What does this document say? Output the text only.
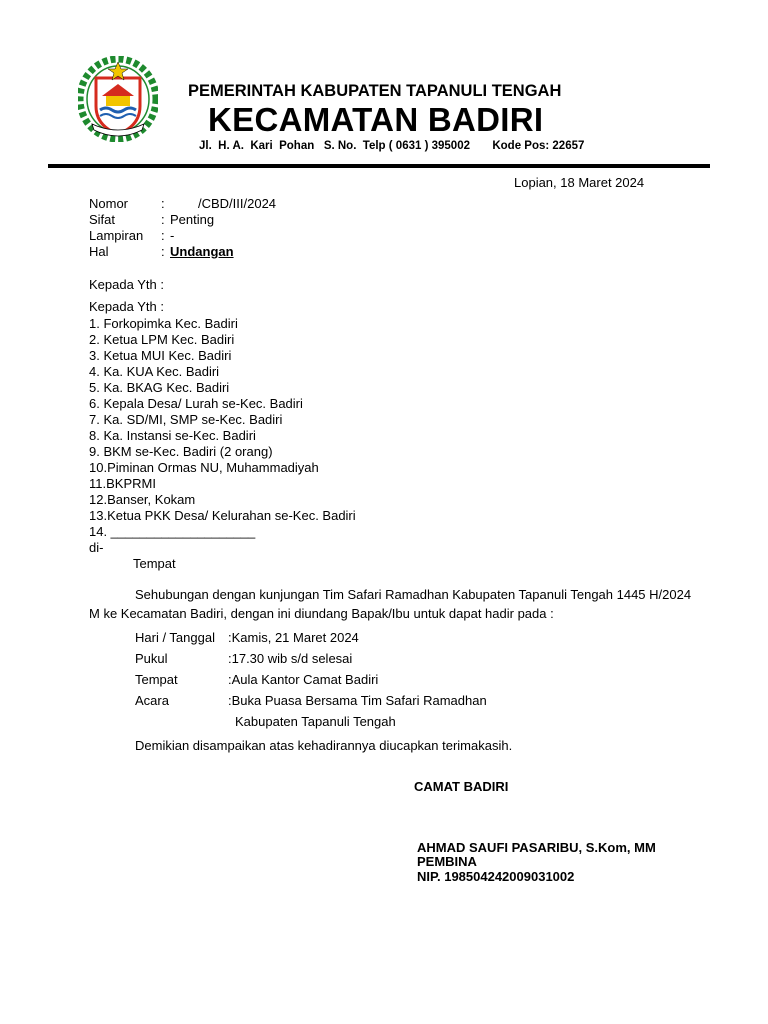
PEMERINTAH KABUPATEN TAPANULI TENGAH
KECAMATAN BADIRI
Jl.  H. A.  Kari  Pohan   S. No.  Telp ( 0631 ) 395002       Kode Pos: 22657
Lopian, 18 Maret 2024
Nomor	:	/CBD/III/2024
Sifat	: Penting
Lampiran : -
Hal	: Undangan
Kepada Yth :
Kepada Yth :
1. Forkopimka Kec. Badiri
2. Ketua LPM Kec. Badiri
3. Ketua MUI Kec. Badiri
4. Ka. KUA Kec. Badiri
5. Ka. BKAG Kec. Badiri
6. Kepala Desa/ Lurah se-Kec. Badiri
7. Ka. SD/MI, SMP se-Kec. Badiri
8. Ka. Instansi se-Kec. Badiri
9. BKM se-Kec. Badiri (2 orang)
10.Piminan Ormas NU, Muhammadiyah
11.BKPRMI
12.Banser, Kokam
13.Ketua PKK Desa/ Kelurahan se-Kec. Badiri
14. ____________________
di-
Tempat
Sehubungan dengan kunjungan Tim Safari Ramadhan Kabupaten Tapanuli Tengah 1445 H/2024
M ke Kecamatan Badiri, dengan ini diundang Bapak/Ibu untuk dapat hadir pada :
Hari / Tanggal :Kamis, 21 Maret 2024
Pukul	:17.30 wib s/d selesai
Tempat	:Aula Kantor Camat Badiri
Acara	:Buka Puasa Bersama Tim Safari Ramadhan
Kabupaten Tapanuli Tengah
Demikian disampaikan atas kehadirannya diucapkan terimakasih.
CAMAT BADIRI
AHMAD SAUFI PASARIBU, S.Kom, MM
PEMBINA
NIP. 198504242009031002
